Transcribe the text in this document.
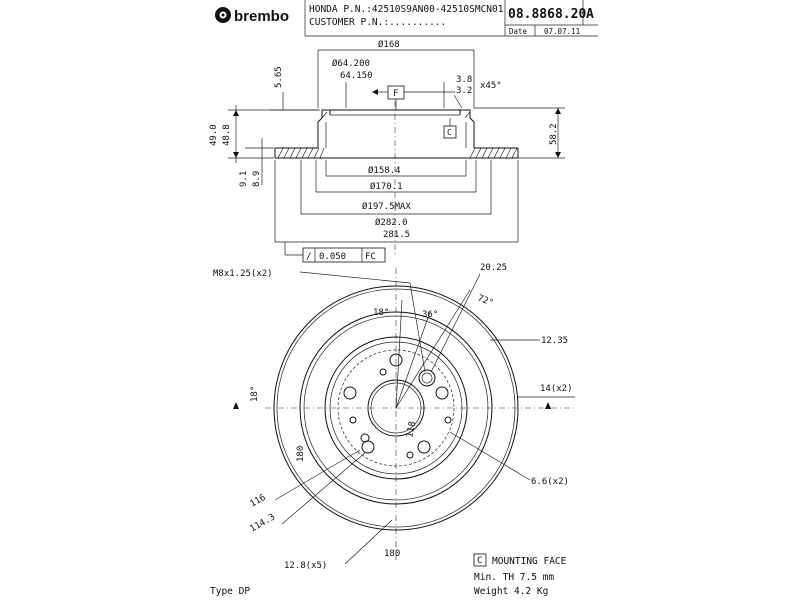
brembo HONDA P.N.:42510S9AN00-42510SMCN01
CUSTOMER P.N.:..........
08.8868.20 A
Date 07.07.11
Ø168
Ø64.200
64.150
5.65	3.8
3.2 x45°
F
C
49.0 48.8	58.2
9.1 8.9	Ø158.4
Ø170.1
Ø197.5MAX
Ø282.0
281.5
/ 0.050 FC
M8x1.25(x2)
20.25
72°
18°	36°
12.35
14(x2)
18°
180
118
6.6(x2)
116
114.3
12.8(x5)
180
C MOUNTING FACE
Min. TH 7.5 mm
Weight 4.2 Kg
Type DP
